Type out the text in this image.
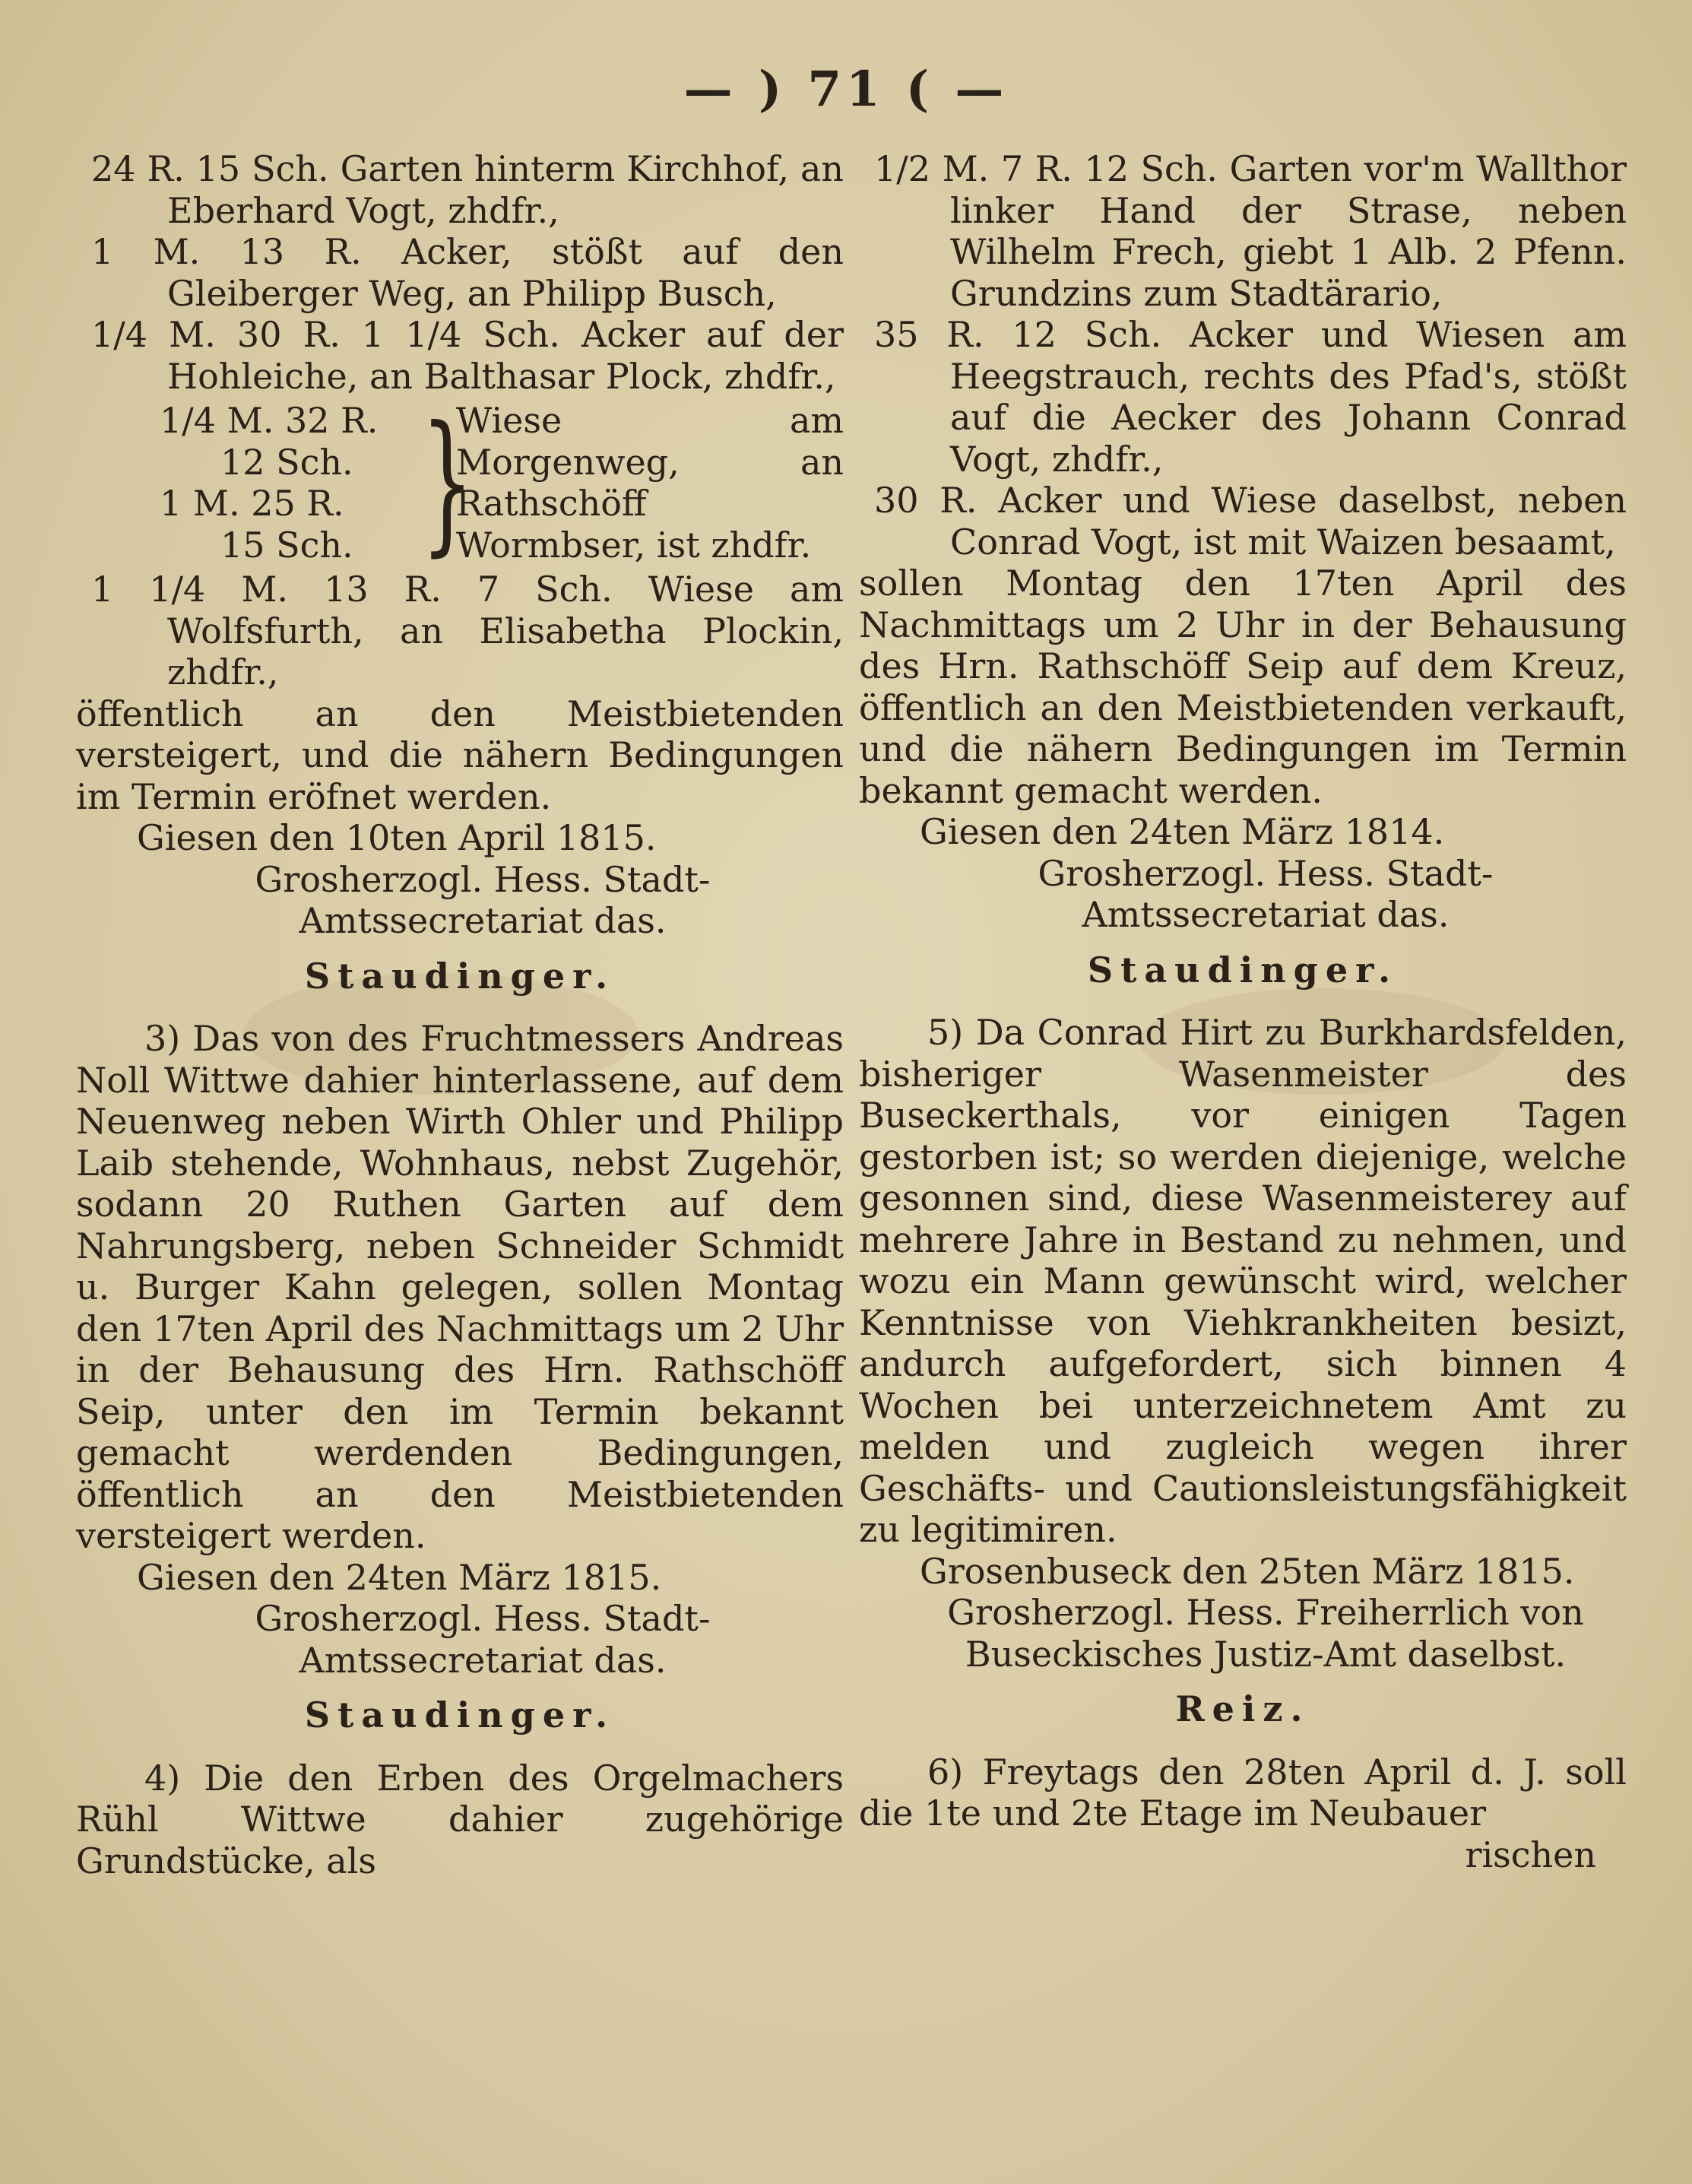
— ) 71 ( —

24 R. 15 Sch. Garten hinterm Kirchhof, an Eberhard Vogt, zhdfr.,

1 M. 13 R. Acker, stößt auf den Gleiberger Weg, an Philipp Busch,

1/4 M. 30 R. 1 1/4 Sch. Acker auf der Hohleiche, an Balthasar Plock, zhdfr.,

1/4 M. 32 R.
12 Sch.
1 M. 25 R.
15 Sch. }
Wiese am Morgenweg, an Rathschöff Wormbser, ist zhdfr.

1 1/4 M. 13 R. 7 Sch. Wiese am Wolfsfurth, an Elisabetha Plockin, zhdfr.,

öffentlich an den Meistbietenden versteigert, und die nähern Bedingungen im Termin eröfnet werden.

Giesen den 10ten April 1815.

Grosherzogl. Hess. Stadt-Amtssecretariat das.

Staudinger.

3) Das von des Fruchtmessers Andreas Noll Wittwe dahier hinterlassene, auf dem Neuenweg neben Wirth Ohler und Philipp Laib stehende, Wohnhaus, nebst Zugehör, sodann 20 Ruthen Garten auf dem Nahrungsberg, neben Schneider Schmidt u. Burger Kahn gelegen, sollen Montag den 17ten April des Nachmittags um 2 Uhr in der Behausung des Hrn. Rathschöff Seip, unter den im Termin bekannt gemacht werdenden Bedingungen, öffentlich an den Meistbietenden versteigert werden.

Giesen den 24ten März 1815.

Grosherzogl. Hess. Stadt-Amtssecretariat das.

Staudinger.

4) Die den Erben des Orgelmachers Rühl Wittwe dahier zugehörige Grundstücke, als

1/2 M. 7 R. 12 Sch. Garten vor'm Wallthor linker Hand der Strase, neben Wilhelm Frech, giebt 1 Alb. 2 Pfenn. Grundzins zum Stadtärario,

35 R. 12 Sch. Acker und Wiesen am Heegstrauch, rechts des Pfad's, stößt auf die Aecker des Johann Conrad Vogt, zhdfr.,

30 R. Acker und Wiese daselbst, neben Conrad Vogt, ist mit Waizen besaamt,

sollen Montag den 17ten April des Nachmittags um 2 Uhr in der Behausung des Hrn. Rathschöff Seip auf dem Kreuz, öffentlich an den Meistbietenden verkauft, und die nähern Bedingungen im Termin bekannt gemacht werden.

Giesen den 24ten März 1814.

Grosherzogl. Hess. Stadt-Amtssecretariat das.

Staudinger.

5) Da Conrad Hirt zu Burkhardsfelden, bisheriger Wasenmeister des Buseckerthals, vor einigen Tagen gestorben ist; so werden diejenige, welche gesonnen sind, diese Wasenmeisterey auf mehrere Jahre in Bestand zu nehmen, und wozu ein Mann gewünscht wird, welcher Kenntnisse von Viehkrankheiten besizt, andurch aufgefordert, sich binnen 4 Wochen bei unterzeichnetem Amt zu melden und zugleich wegen ihrer Geschäfts- und Cautionsleistungsfähigkeit zu legitimiren.

Grosenbuseck den 25ten März 1815.

Grosherzogl. Hess. Freiherrlich von Buseckisches Justiz-Amt daselbst.

Reiz.

6) Freytags den 28ten April d. J. soll die 1te und 2te Etage im Neubauer

rischen
